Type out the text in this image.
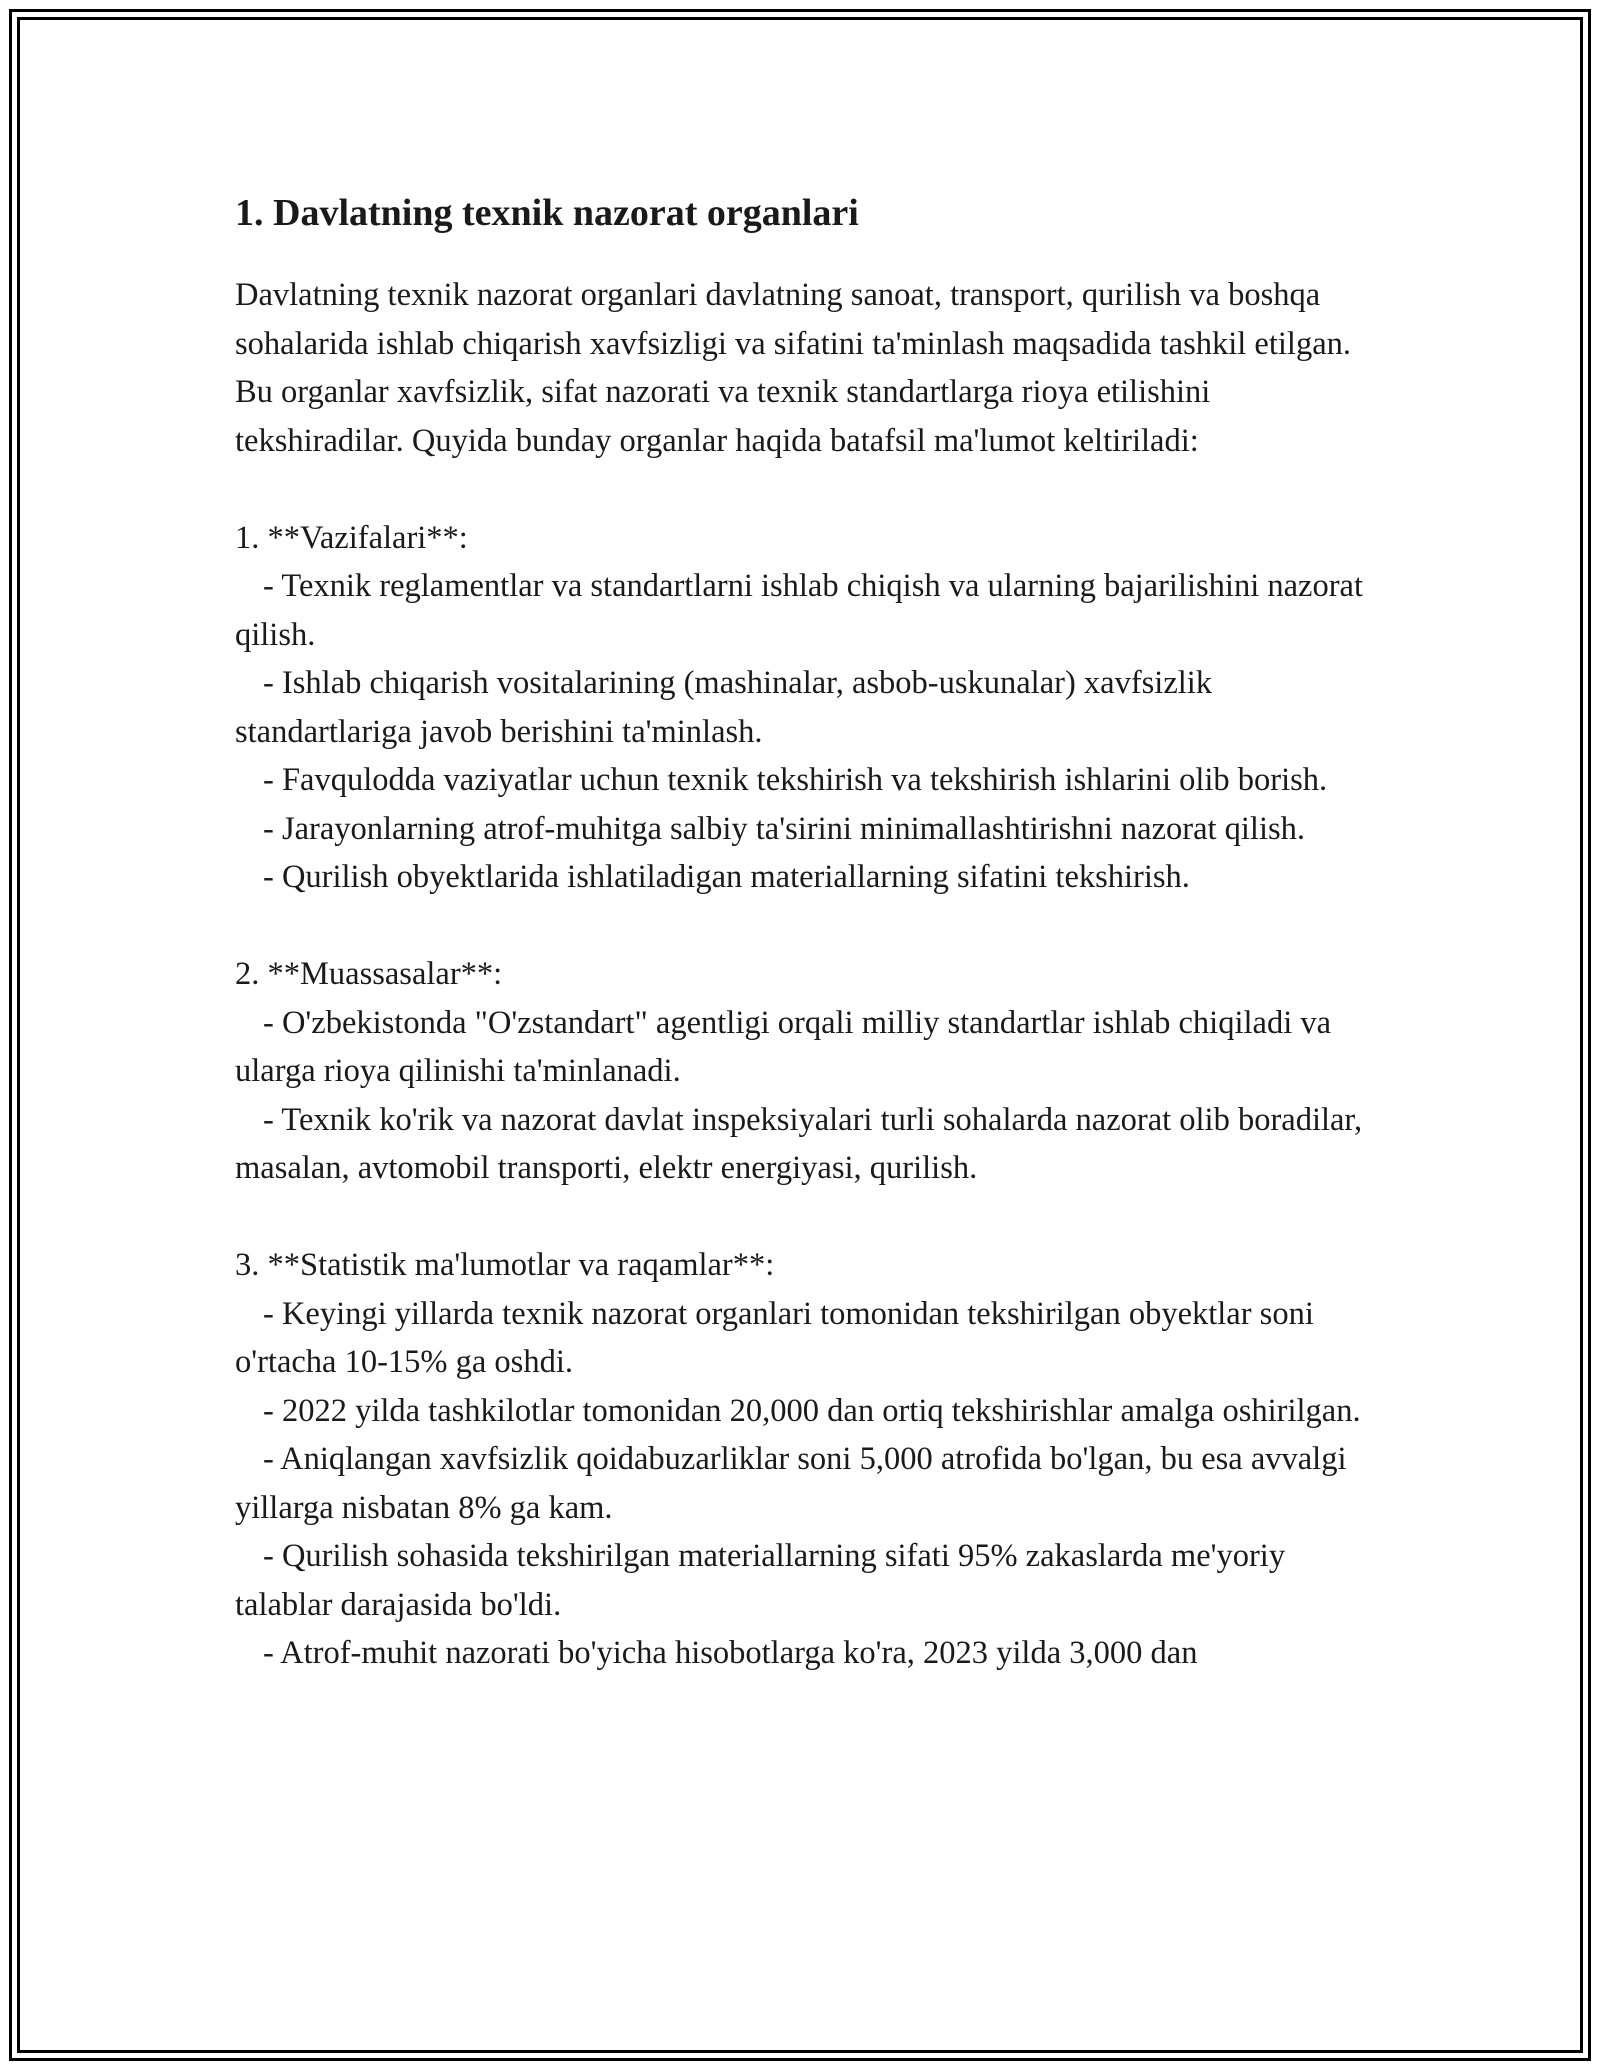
1. Davlatning texnik nazorat organlari

Davlatning texnik nazorat organlari davlatning sanoat, transport, qurilish va boshqa sohalarida ishlab chiqarish xavfsizligi va sifatini ta'minlash maqsadida tashkil etilgan. Bu organlar xavfsizlik, sifat nazorati va texnik standartlarga rioya etilishini tekshiradilar. Quyida bunday organlar haqida batafsil ma'lumot keltiriladi:

1. **Vazifalari**:

- Texnik reglamentlar va standartlarni ishlab chiqish va ularning bajarilishini nazorat qilish.

- Ishlab chiqarish vositalarining (mashinalar, asbob-uskunalar) xavfsizlik standartlariga javob berishini ta'minlash.

- Favqulodda vaziyatlar uchun texnik tekshirish va tekshirish ishlarini olib borish.

- Jarayonlarning atrof-muhitga salbiy ta'sirini minimallashtirishni nazorat qilish.

- Qurilish obyektlarida ishlatiladigan materiallarning sifatini tekshirish.

2. **Muassasalar**:

- O'zbekistonda "O'zstandart" agentligi orqali milliy standartlar ishlab chiqiladi va ularga rioya qilinishi ta'minlanadi.

- Texnik ko'rik va nazorat davlat inspeksiyalari turli sohalarda nazorat olib boradilar, masalan, avtomobil transporti, elektr energiyasi, qurilish.

3. **Statistik ma'lumotlar va raqamlar**:

- Keyingi yillarda texnik nazorat organlari tomonidan tekshirilgan obyektlar soni o'rtacha 10-15% ga oshdi.

- 2022 yilda tashkilotlar tomonidan 20,000 dan ortiq tekshirishlar amalga oshirilgan.

- Aniqlangan xavfsizlik qoidabuzarliklar soni 5,000 atrofida bo'lgan, bu esa avvalgi yillarga nisbatan 8% ga kam.

- Qurilish sohasida tekshirilgan materiallarning sifati 95% zakaslarda me'yoriy talablar darajasida bo'ldi.

- Atrof-muhit nazorati bo'yicha hisobotlarga ko'ra, 2023 yilda 3,000 dan
